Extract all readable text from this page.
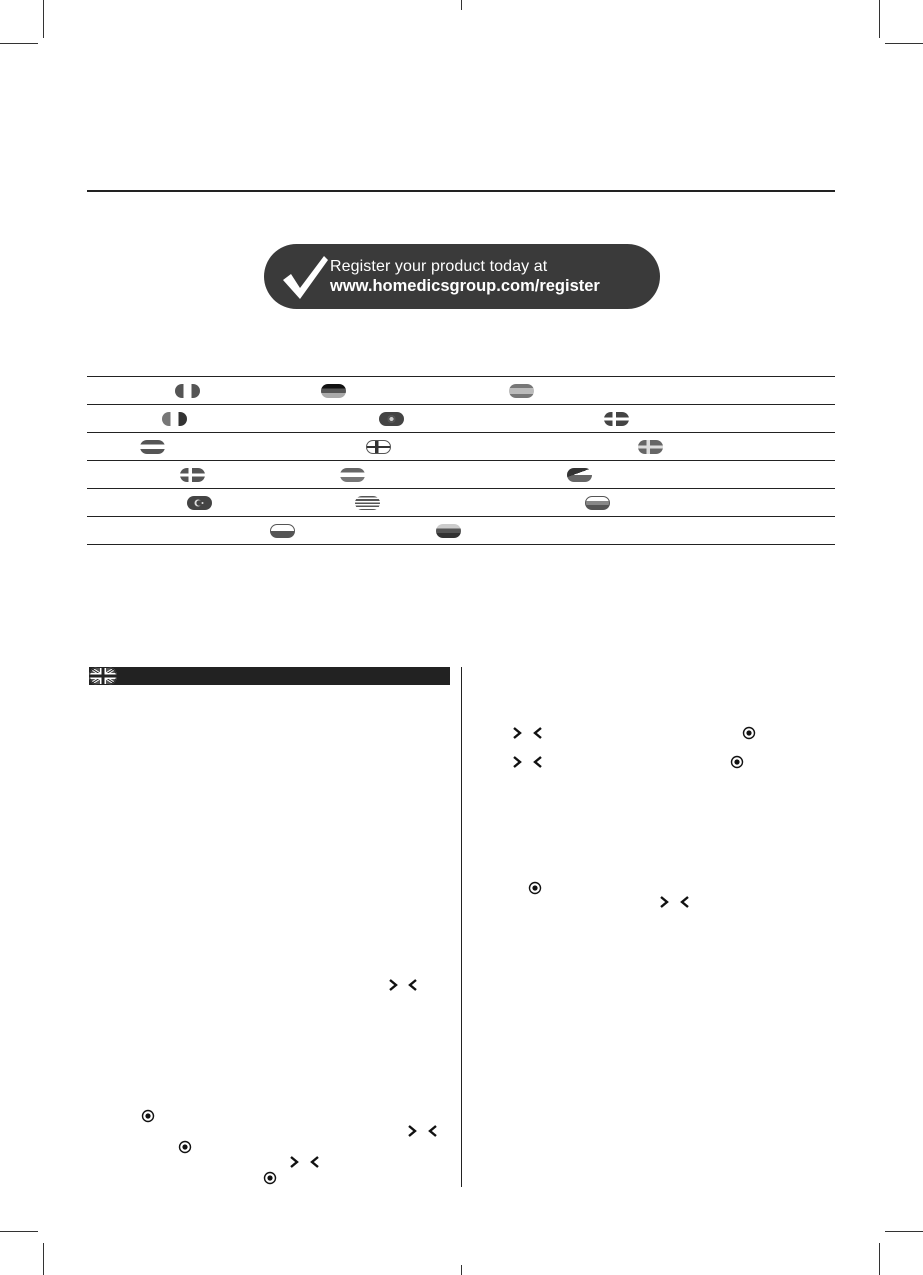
Register your product today at
www.homedicsgroup.com/register
